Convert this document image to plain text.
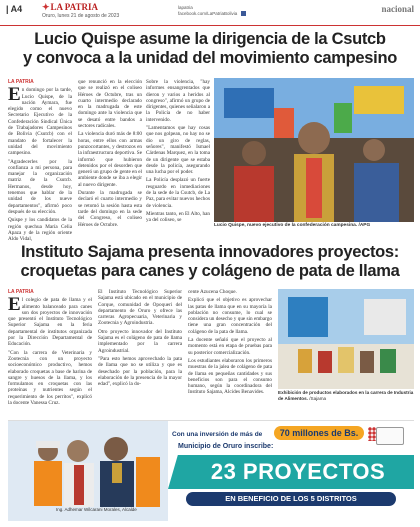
| A4
✦	LA PATRIA
Oruro, lunes 21 de agosto de 2023
lapatria
facebook.com/LaPatriaBolivia	nacional
Lucio Quispe asume la dirigencia de la Csutcb
y convoca a la unidad del movimiento campesino
LA PATRIA
E n domingo por la tarde, Lucio Quispe, de la nación Aymara, fue elegido como el nuevo Secretario Ejecutivo de la Confederación Sindical Única de Trabajadores Campesinos de Bolivia (Csutcb) con el mandato de fortalecer la unidad del movimiento campesino.

"Agradecerles por la confianza a mi persona, para manejar la organización matriz de la Csutcb. Hermanos, desde hoy, tenemos que hablar de la unidad de los nueve departamentos", afirmó poco después de su elección.

Quispe y los candidatos de la región quechua María Celia Apaza y de la región oriente Aldo Vidal,

que renunció en la elección que se realizó en el coliseo Héroes de Octubre, tras un cuarto intermedio declarado en la madrugada de este domingo ante la violencia que se desató entre bandos a sectores radicales.

La violencia duró más de 8:00 horas, entre ellos con armas punzocortantes, y destrozos en la infraestructura deportiva. Se informó que hubieron detenidos por el desorden que generó un grupo de gente en el ambiente donde se iba a elegir al nuevo dirigente.

Durante la madrugada se declaró el cuarto intermedio y se retomó la sesión hasta esta tarde del domingo en la sede del Congreso, el coliseo Héroes de Octubre.

Sobre la violencia, "hay informes ensangrentados que dieron y varios a heridos al congreso", afirmó un grupo de dirigentes, quienes señalaron a la Policía de no haber intervenido.

"Lamentamos que hay cosas que nos golpean, no hay no se dio un giro de reglas, señores", manifestó Ismael Cárdenas Marquez, en la toma de un dirigente que se estaba desde la policía, asegurando una lucha por el poder.

La Policía desplazó un fuerte resguardo en inmediaciones de la sede de la Csutcb, de La Paz, para evitar nuevos hechos de violencia.

Mientras tanto, en El Alto, han ya del coliseo, se

Lucio Quispe, nuevo ejecutivo de la confederación campesina. /APG
Instituto Sajama presenta innovadores proyectos:
croquetas para canes y colágeno de pata de llama
LA PATRIA
E l colegio de pata de llama y el alimento balanceado para canes son dos proyectos de innovación que presentó el Instituto Tecnológico Superior Sajama en la feria departamental de institutos organizada por la Dirección Departamental de Educación.

"Con la carrera de Veterinaria y Zootecnia con un proyecto socioeconómico productivo, hemos elaborado croquetas a base de harina de sangre y huesos de la llama, y los formulamos en croquetas con las proteínas y nutrientes según el requerimiento de los perritos", explicó la docente Vanessa Cruz.

El Instituto Tecnológico Superior Sajama está ubicado en el municipio de Corque, comunidad de Opoqueri del departamento de Oruro y ofrece las carreras Agropecuaria, Veterinaria y Zootecnia y Agroindustria.

Otro proyecto innovador del Instituto Sajama es el colágeno de pata de llama implementado por la carrera Agroindustrial.

"Para esto hemos aprovechado la pata de llama que no se utiliza y que es desechado por la población, para la elaboración de la presencia de la mayor edad", explicó la do-

cente Azucena Choque.

Explicó que el objetivo es aprovechar las patas de llama que en su mayoría la población no consume, lo cual se considera un desecho y que sin embargo tiene una gran concentración del colágeno de la pata de llama.

La docente señaló que el proyecto al momento está en etapa de pruebas para su posterior comercialización.

Los estudiantes elaboraron los primeros muestras de la jalea de colágeno de pata de llama en pequeñas cantidades y sus beneficios son para el consumo humano, según la coordinadora del Instituto Sajama, Alcides Benavides.	Exhibición de productos elaborados en la carrera de Industria de Alimentos. /Sajama
Ing. Adhemar Wilcarani Morales, Alcalde
Con una inversión de más de	70 millones de Bs.
Municipio de Oruro inscribe:
23 PROYECTOS
EN BENEFICIO DE LOS 5 DISTRITOS
